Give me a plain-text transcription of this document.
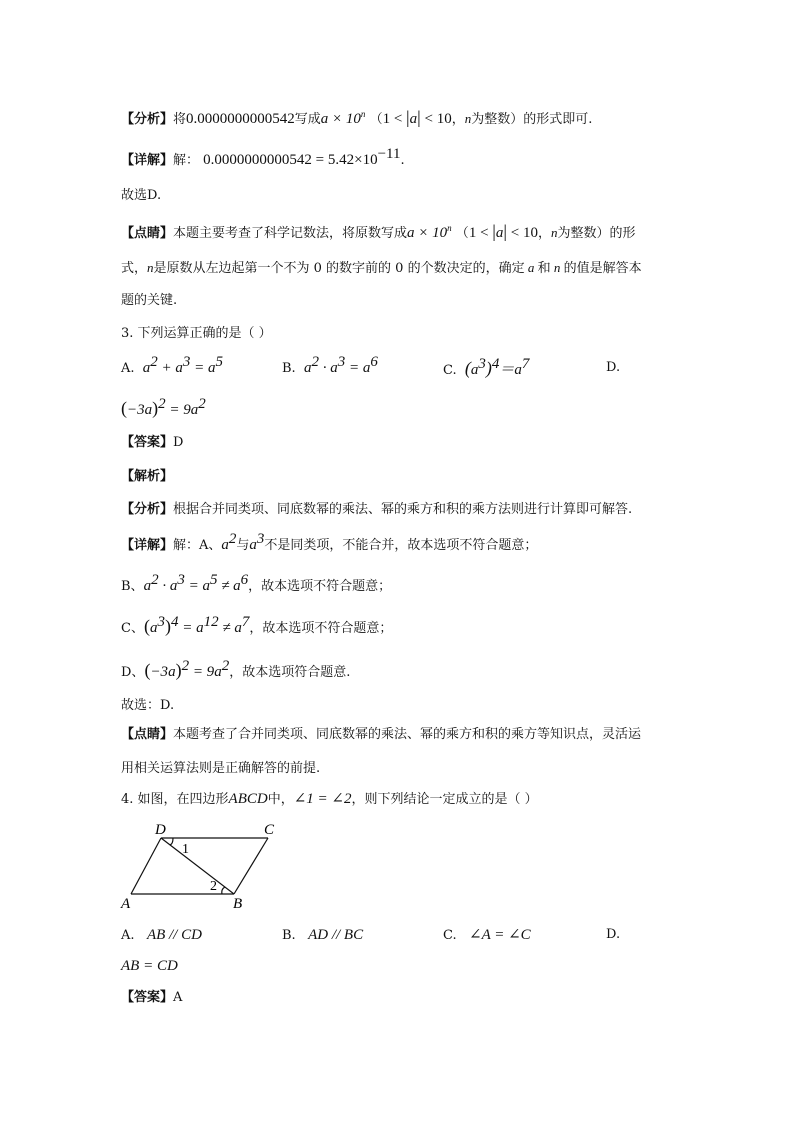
【分析】将0.0000000000542写成$a \times 10^n$ （1 < |a| < 10，n为整数）的形式即可.
【详解】解： $0.0000000000542 = 5.42\times 10^{-11}$.
故选D.
【点睛】本题主要考查了科学记数法，将原数写成$a \times 10^n$ （1 < |a| < 10，n为整数）的形
式，n是原数从左边起第一个不为 0 的数字前的 0 的个数决定的，确定 a 和 n 的值是解答本
题的关键.
3. 下列运算正确的是（ ）
A. $a^2 + a^3 = a^5$	B. $a^2 \cdot a^3 = a^6$
C. $(a^3)^4=a^7$	D.
$(-3a)^2 = 9a^2$
【答案】D
【解析】
【分析】根据合并同类项、同底数幂的乘法、幂的乘方和积的乘方法则进行计算即可解答.
【详解】解：A、$a^2$与$a^3$不是同类项，不能合并，故本选项不符合题意；
B、$a^2 \cdot a^3 = a^5 \ne a^6$，故本选项不符合题意；
C、$(a^3)^4 = a^{12} \ne a^7$，故本选项不符合题意；
D、$(-3a)^2 = 9a^2$，故本选项符合题意.
故选：D.
【点睛】本题考查了合并同类项、同底数幂的乘法、幂的乘方和积的乘方等知识点，灵活运
用相关运算法则是正确解答的前提.
4. 如图，在四边形ABCD中，∠1 = ∠2，则下列结论一定成立的是（ ）
D	C
A	B
1
2
A. AB // CD	B. AD // BC	C. ∠A = ∠C	D.
AB = CD
【答案】A
